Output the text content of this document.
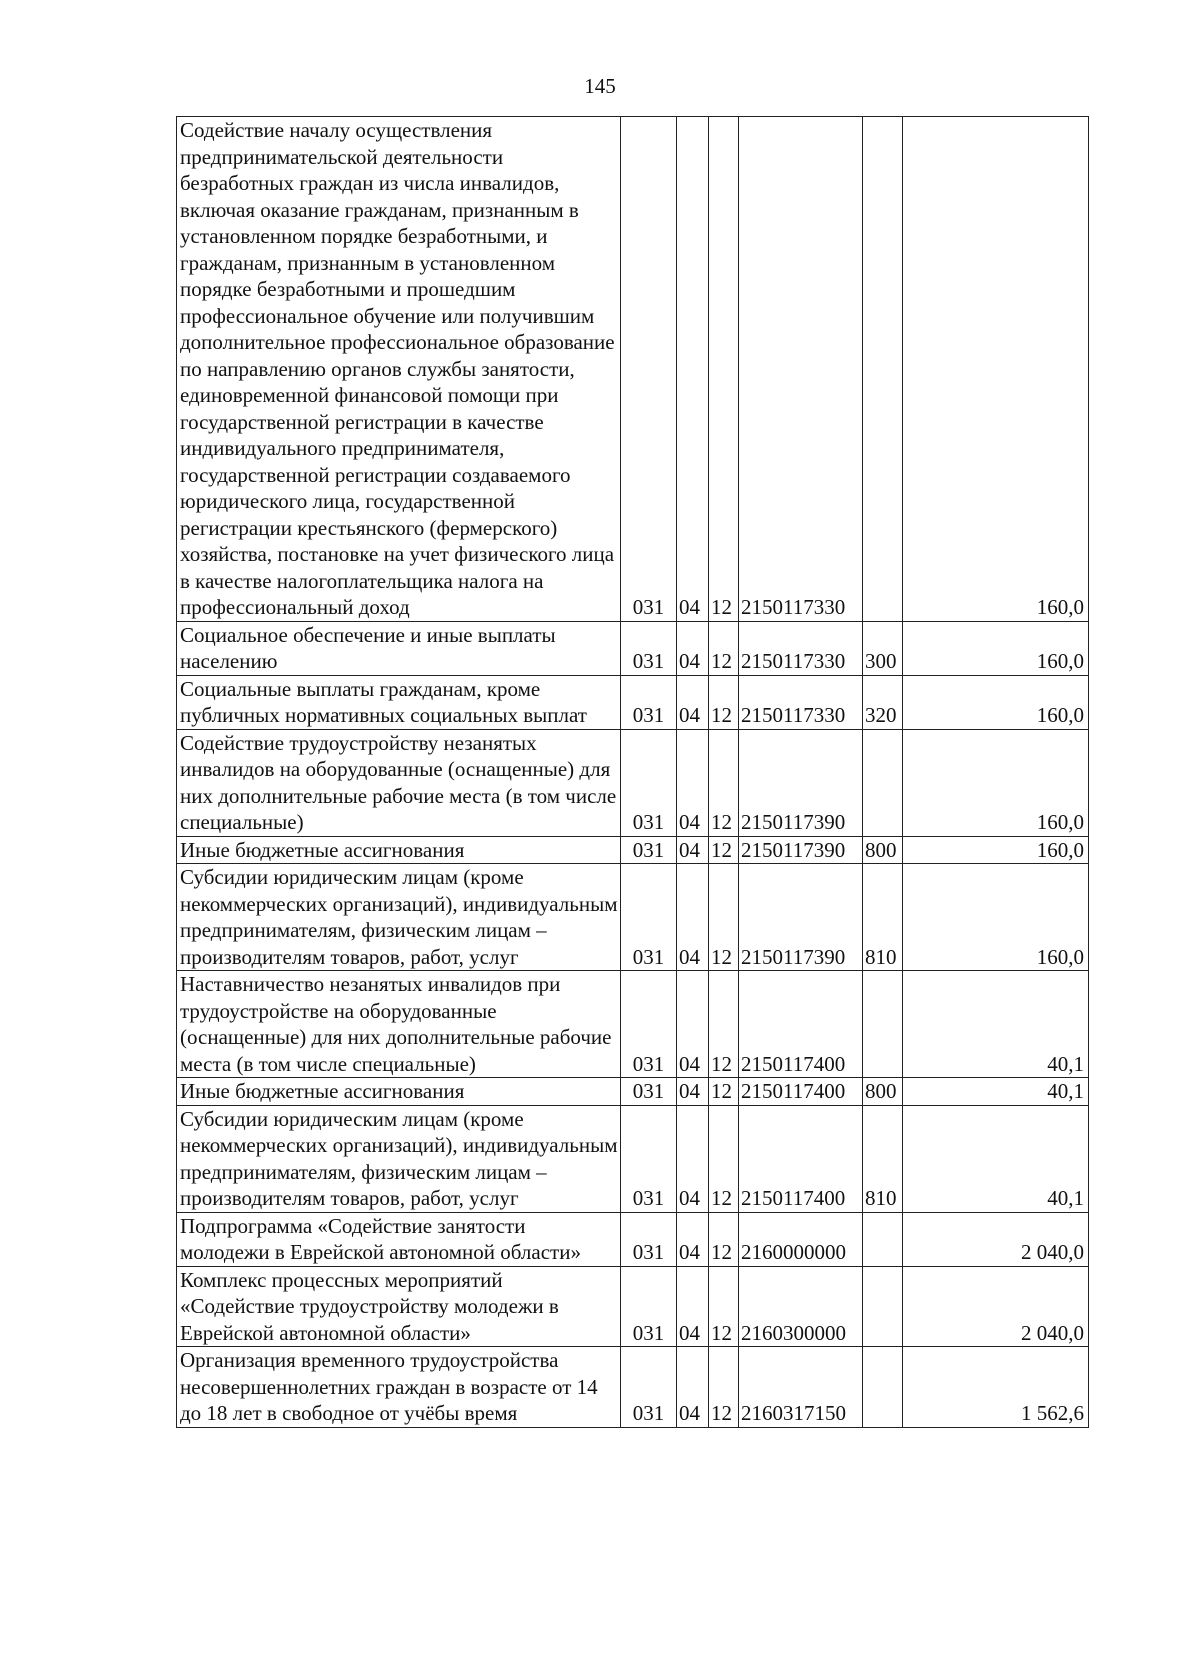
145
Содействие началу осуществления предпринимательской деятельности безработных граждан из числа инвалидов, включая оказание гражданам, признанным в установленном порядке безработными, и гражданам, признанным в установленном порядке безработными и прошедшим профессиональное обучение или получившим дополнительное профессиональное образование по направлению органов службы занятости, единовременной финансовой помощи при государственной регистрации в качестве индивидуального предпринимателя, государственной регистрации создаваемого юридического лица, государственной регистрации крестьянского (фермерского) хозяйства, постановке на учет физического лица в качестве налогоплательщика налога на профессиональный доход	031	04	12	2150117330		160,0
Социальное обеспечение и иные выплаты населению	031	04	12	2150117330	300	160,0
Социальные выплаты гражданам, кроме публичных нормативных социальных выплат	031	04	12	2150117330	320	160,0
Содействие трудоустройству незанятых инвалидов на оборудованные (оснащенные) для них дополнительные рабочие места (в том числе специальные)	031	04	12	2150117390		160,0
Иные бюджетные ассигнования	031	04	12	2150117390	800	160,0
Субсидии юридическим лицам (кроме некоммерческих организаций), индивидуальным предпринимателям, физическим лицам – производителям товаров, работ, услуг	031	04	12	2150117390	810	160,0
Наставничество незанятых инвалидов при трудоустройстве на оборудованные (оснащенные) для них дополнительные рабочие места (в том числе специальные)	031	04	12	2150117400		40,1
Иные бюджетные ассигнования	031	04	12	2150117400	800	40,1
Субсидии юридическим лицам (кроме некоммерческих организаций), индивидуальным предпринимателям, физическим лицам – производителям товаров, работ, услуг	031	04	12	2150117400	810	40,1
Подпрограмма «Содействие занятости молодежи в Еврейской автономной области»	031	04	12	2160000000		2 040,0
Комплекс процессных мероприятий «Содействие трудоустройству молодежи в Еврейской автономной области»	031	04	12	2160300000		2 040,0
Организация временного трудоустройства несовершеннолетних граждан в возрасте от 14 до 18 лет в свободное от учёбы время	031	04	12	2160317150		1 562,6
